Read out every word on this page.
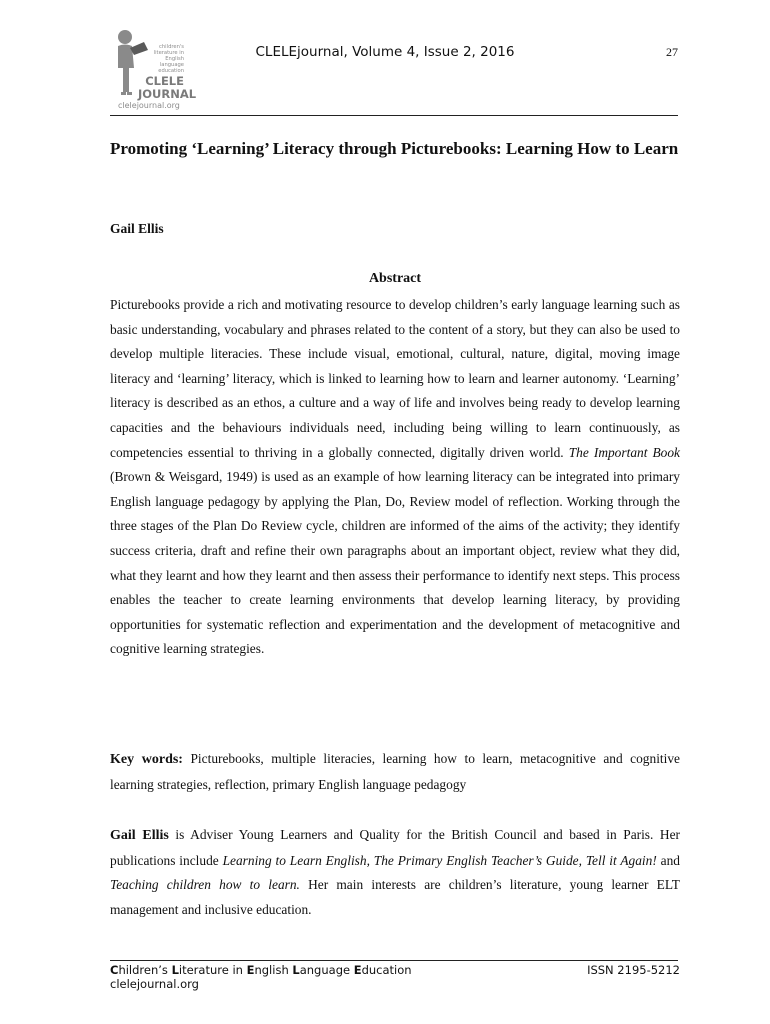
children's
literature in
English
language
education
CLELE
JOURNAL
clelejournal.org
CLELEjournal, Volume 4, Issue 2, 2016	27
Promoting ‘Learning’ Literacy through Picturebooks: Learning How to Learn
Gail Ellis
Abstract

Picturebooks provide a rich and motivating resource to develop children’s early language learning such as basic understanding, vocabulary and phrases related to the content of a story, but they can also be used to develop multiple literacies. These include visual, emotional, cultural, nature, digital, moving image literacy and ‘learning’ literacy, which is linked to learning how to learn and learner autonomy. ‘Learning’ literacy is described as an ethos, a culture and a way of life and involves being ready to develop learning capacities and the behaviours individuals need, including being willing to learn continuously, as competencies essential to thriving in a globally connected, digitally driven world. The Important Book (Brown & Weisgard, 1949) is used as an example of how learning literacy can be integrated into primary English language pedagogy by applying the Plan, Do, Review model of reflection. Working through the three stages of the Plan Do Review cycle, children are informed of the aims of the activity; they identify success criteria, draft and refine their own paragraphs about an important object, review what they did, what they learnt and how they learnt and then assess their performance to identify next steps. This process enables the teacher to create learning environments that develop learning literacy, by providing opportunities for systematic reflection and experimentation and the development of metacognitive and cognitive learning strategies.

Key words: Picturebooks, multiple literacies, learning how to learn, metacognitive and cognitive learning strategies, reflection, primary English language pedagogy

Gail Ellis is Adviser Young Learners and Quality for the British Council and based in Paris. Her publications include Learning to Learn English, The Primary English Teacher’s Guide, Tell it Again! and Teaching children how to learn. Her main interests are children’s literature, young learner ELT management and inclusive education.

Children’s Literature in English Language Education
clelejournal.org
ISSN 2195-5212
